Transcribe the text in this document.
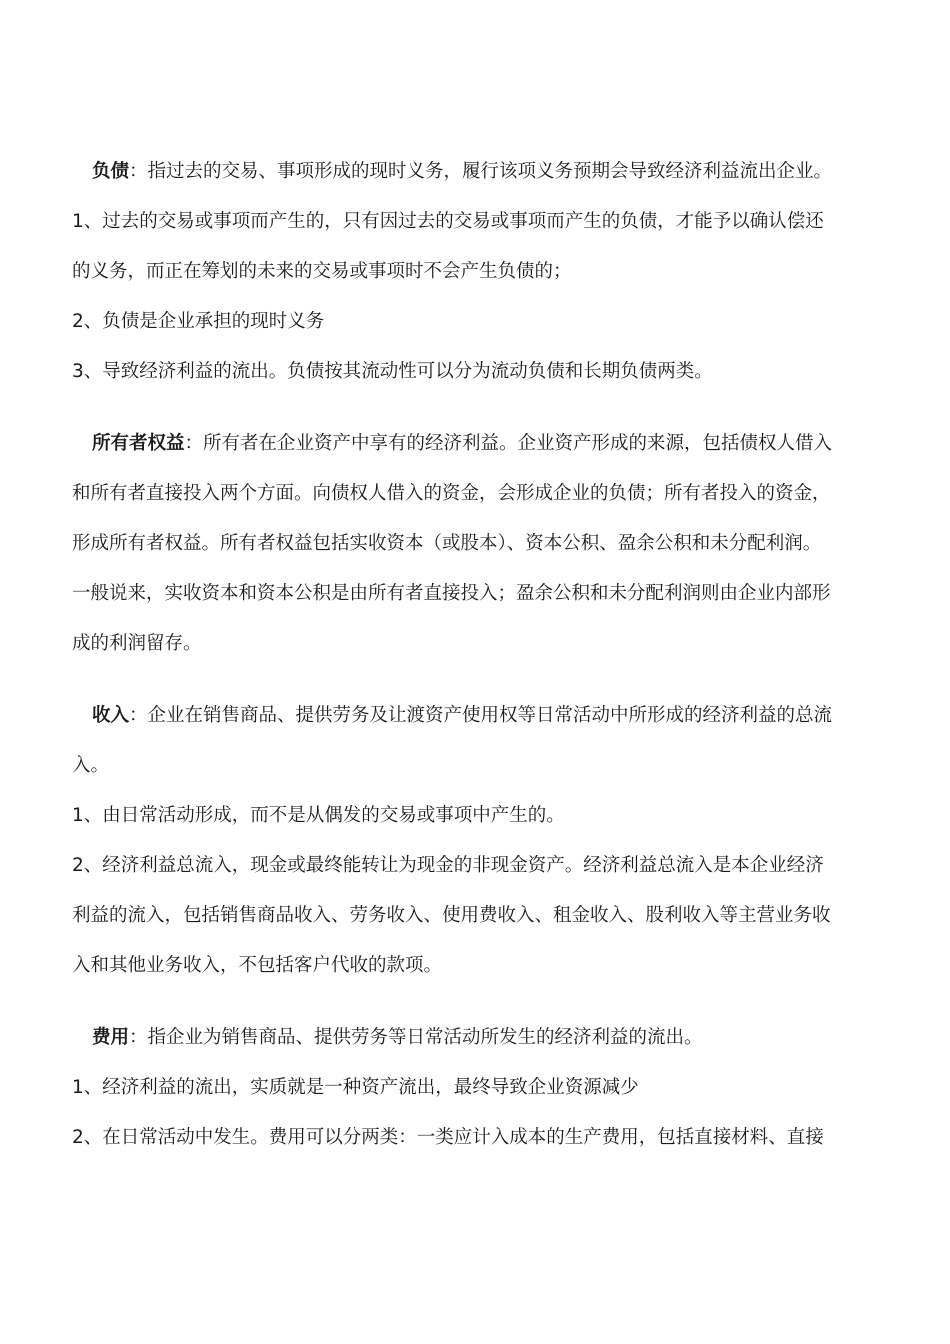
负债：指过去的交易、事项形成的现时义务，履行该项义务预期会导致经济利益流出企业。

1、过去的交易或事项而产生的，只有因过去的交易或事项而产生的负债，才能予以确认偿还

的义务，而正在筹划的未来的交易或事项时不会产生负债的；

2、负债是企业承担的现时义务

3、导致经济利益的流出。负债按其流动性可以分为流动负债和长期负债两类。

所有者权益：所有者在企业资产中享有的经济利益。企业资产形成的来源，包括债权人借入

和所有者直接投入两个方面。向债权人借入的资金，会形成企业的负债；所有者投入的资金，

形成所有者权益。所有者权益包括实收资本（或股本）、资本公积、盈余公积和未分配利润。

一般说来，实收资本和资本公积是由所有者直接投入；盈余公积和未分配利润则由企业内部形

成的利润留存。

收入：企业在销售商品、提供劳务及让渡资产使用权等日常活动中所形成的经济利益的总流

入。

1、由日常活动形成，而不是从偶发的交易或事项中产生的。

2、经济利益总流入，现金或最终能转让为现金的非现金资产。经济利益总流入是本企业经济

利益的流入，包括销售商品收入、劳务收入、使用费收入、租金收入、股利收入等主营业务收

入和其他业务收入，不包括客户代收的款项。

费用：指企业为销售商品、提供劳务等日常活动所发生的经济利益的流出。

1、经济利益的流出，实质就是一种资产流出，最终导致企业资源减少

2、在日常活动中发生。费用可以分两类：一类应计入成本的生产费用，包括直接材料、直接
